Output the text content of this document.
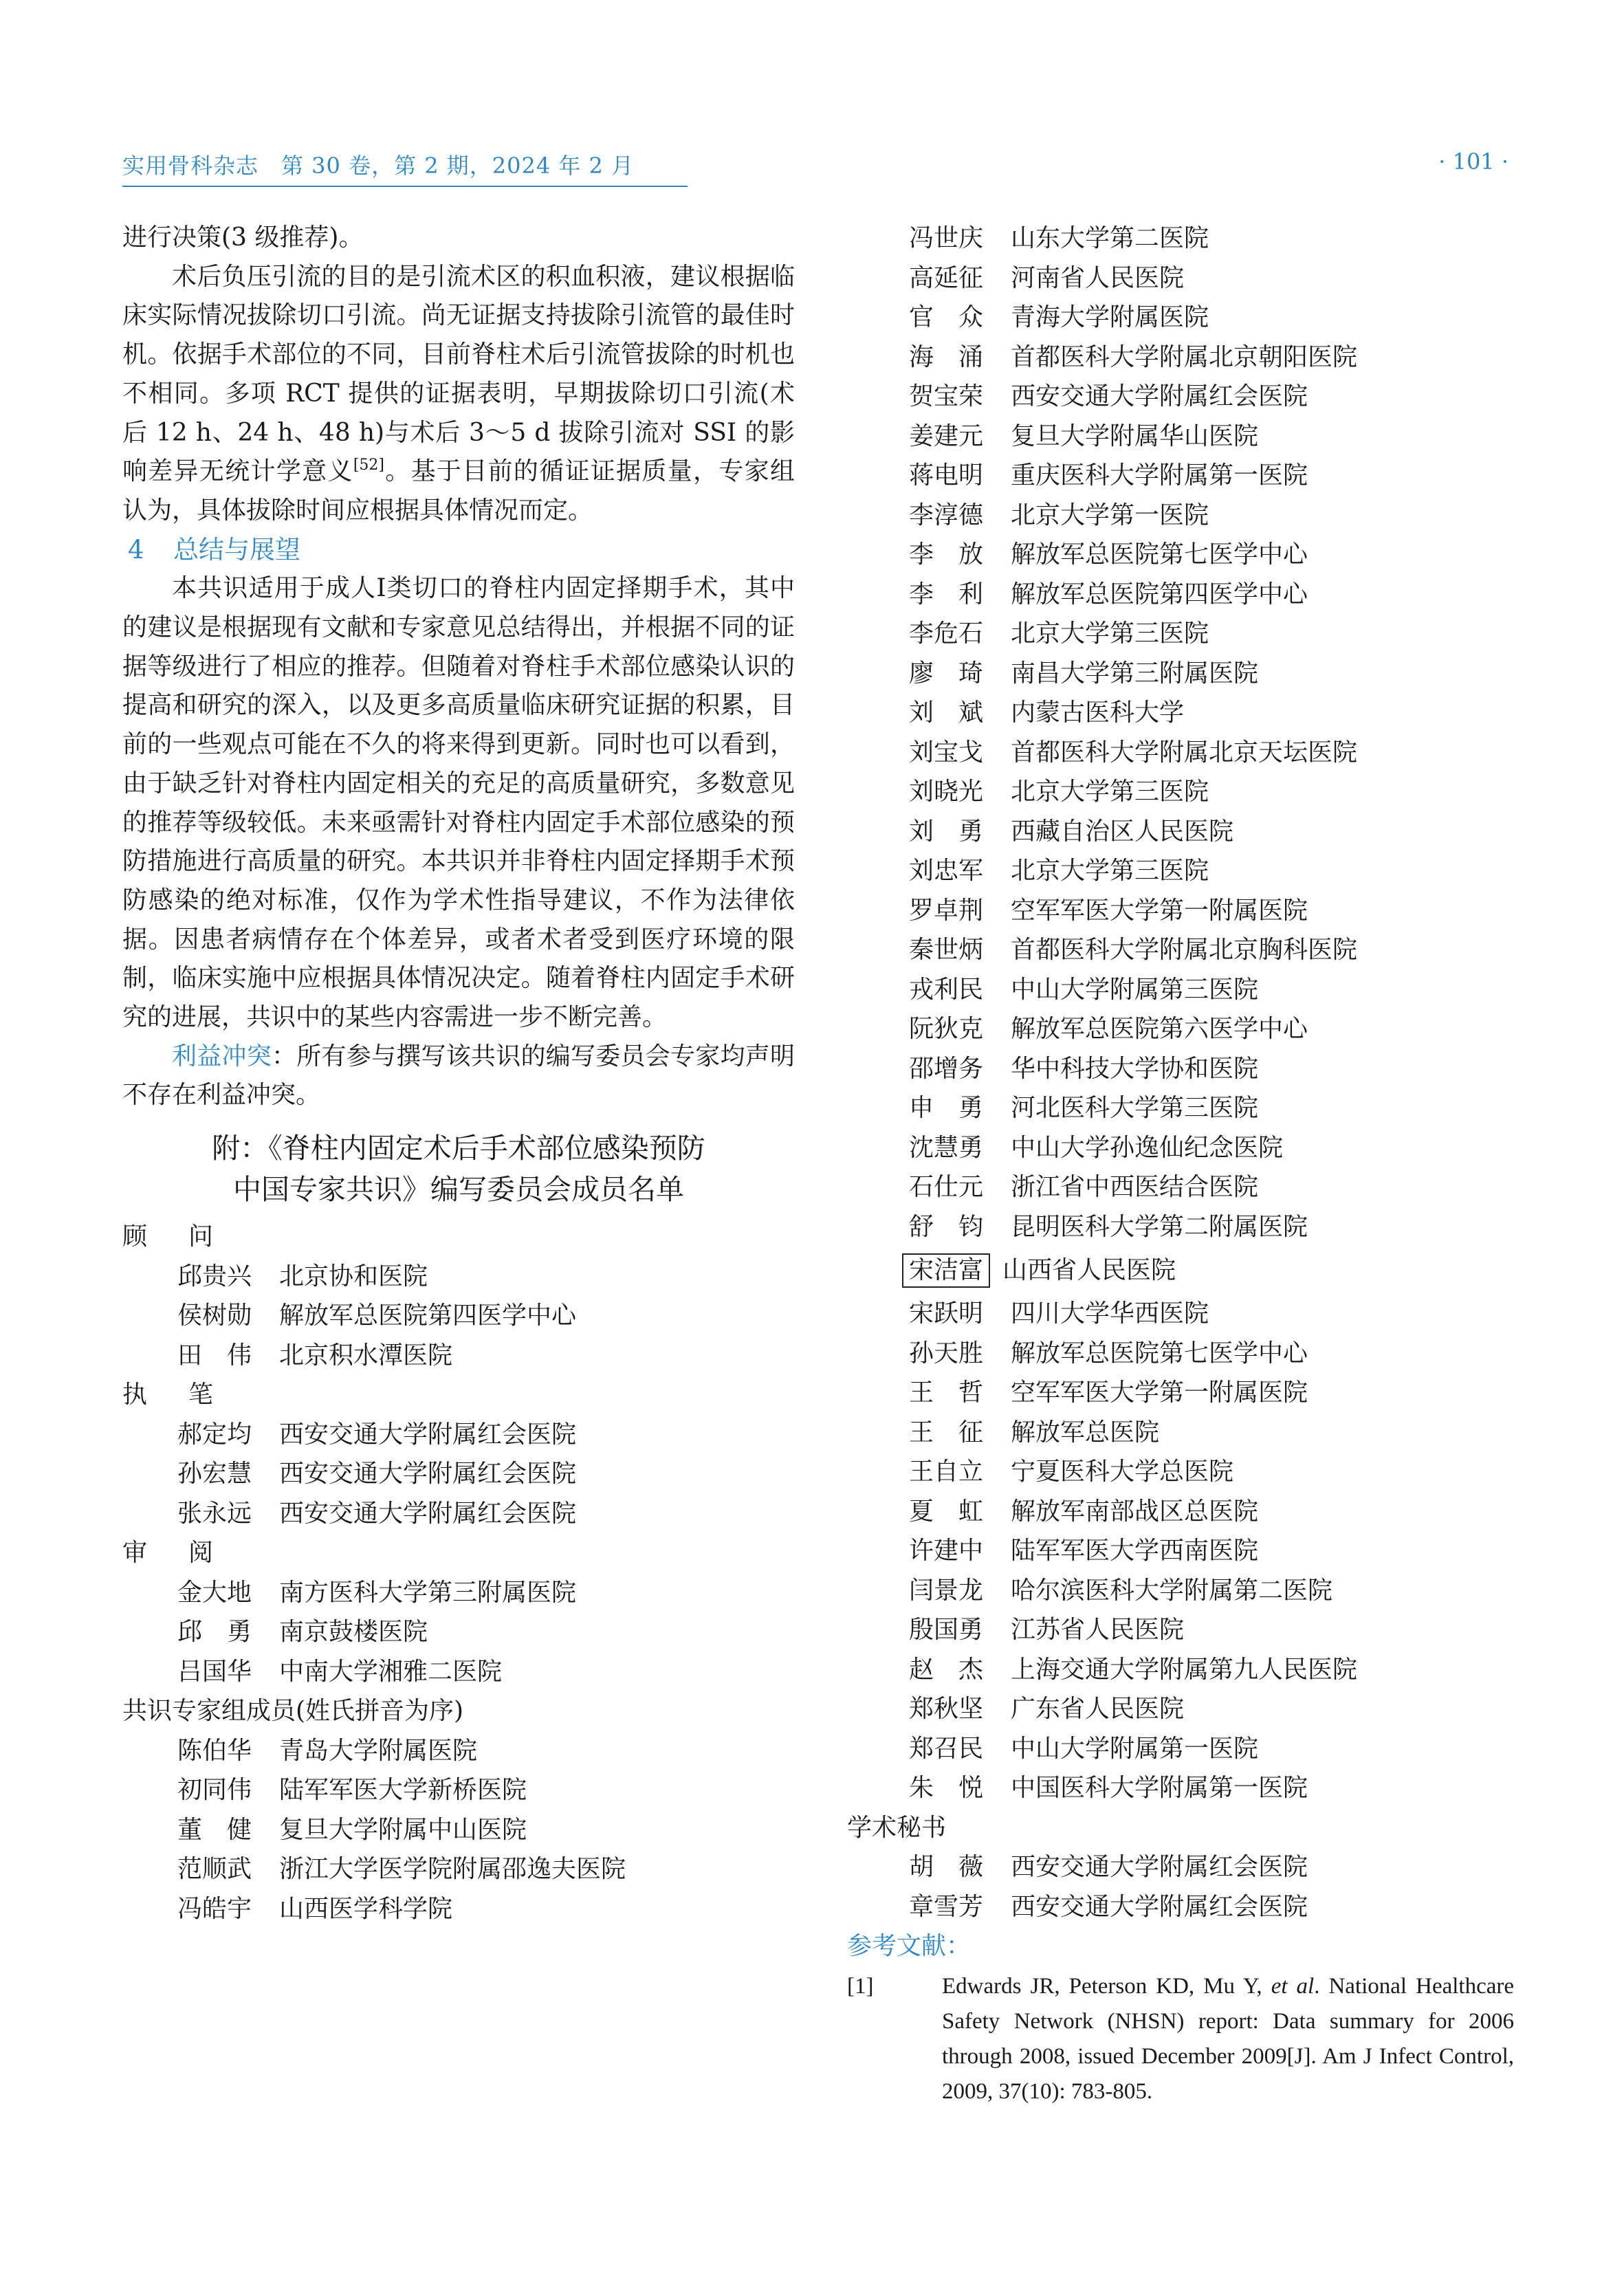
实用骨科杂志　第 30 卷，第 2 期，2024 年 2 月	· 101 ·

进行决策(3 级推荐)。

术后负压引流的目的是引流术区的积血积液，建议根据临床实际情况拔除切口引流。尚无证据支持拔除引流管的最佳时机。依据手术部位的不同，目前脊柱术后引流管拔除的时机也不相同。多项 RCT 提供的证据表明，早期拔除切口引流(术后 12 h、24 h、48 h)与术后 3～5 d 拔除引流对 SSI 的影响差异无统计学意义[52]。基于目前的循证证据质量，专家组认为，具体拔除时间应根据具体情况而定。

4 总结与展望

本共识适用于成人Ⅰ类切口的脊柱内固定择期手术，其中的建议是根据现有文献和专家意见总结得出，并根据不同的证据等级进行了相应的推荐。但随着对脊柱手术部位感染认识的提高和研究的深入，以及更多高质量临床研究证据的积累，目前的一些观点可能在不久的将来得到更新。同时也可以看到，由于缺乏针对脊柱内固定相关的充足的高质量研究，多数意见的推荐等级较低。未来亟需针对脊柱内固定手术部位感染的预防措施进行高质量的研究。本共识并非脊柱内固定择期手术预防感染的绝对标准，仅作为学术性指导建议，不作为法律依据。因患者病情存在个体差异，或者术者受到医疗环境的限制，临床实施中应根据具体情况决定。随着脊柱内固定手术研究的进展，共识中的某些内容需进一步不断完善。

利益冲突：所有参与撰写该共识的编写委员会专家均声明不存在利益冲突。

附：《脊柱内固定术后手术部位感染预防
中国专家共识》编写委员会成员名单
顾问
邱贵兴 北京协和医院
侯树勋 解放军总医院第四医学中心
田伟 北京积水潭医院
执笔
郝定均 西安交通大学附属红会医院
孙宏慧 西安交通大学附属红会医院
张永远 西安交通大学附属红会医院
审阅
金大地 南方医科大学第三附属医院
邱勇 南京鼓楼医院
吕国华 中南大学湘雅二医院
共识专家组成员(姓氏拼音为序)
陈伯华 青岛大学附属医院
初同伟 陆军军医大学新桥医院
董健 复旦大学附属中山医院
范顺武 浙江大学医学院附属邵逸夫医院
冯皓宇 山西医学科学院
冯世庆 山东大学第二医院
高延征 河南省人民医院
官众 青海大学附属医院
海涌 首都医科大学附属北京朝阳医院
贺宝荣 西安交通大学附属红会医院
姜建元 复旦大学附属华山医院
蒋电明 重庆医科大学附属第一医院
李淳德 北京大学第一医院
李放 解放军总医院第七医学中心
李利 解放军总医院第四医学中心
李危石 北京大学第三医院
廖琦 南昌大学第三附属医院
刘斌 内蒙古医科大学
刘宝戈 首都医科大学附属北京天坛医院
刘晓光 北京大学第三医院
刘勇 西藏自治区人民医院
刘忠军 北京大学第三医院
罗卓荆 空军军医大学第一附属医院
秦世炳 首都医科大学附属北京胸科医院
戎利民 中山大学附属第三医院
阮狄克 解放军总医院第六医学中心
邵增务 华中科技大学协和医院
申勇 河北医科大学第三医院
沈慧勇 中山大学孙逸仙纪念医院
石仕元 浙江省中西医结合医院
舒钧 昆明医科大学第二附属医院
宋洁富 山西省人民医院
宋跃明 四川大学华西医院
孙天胜 解放军总医院第七医学中心
王哲 空军军医大学第一附属医院
王征 解放军总医院
王自立 宁夏医科大学总医院
夏虹 解放军南部战区总医院
许建中 陆军军医大学西南医院
闫景龙 哈尔滨医科大学附属第二医院
殷国勇 江苏省人民医院
赵杰 上海交通大学附属第九人民医院
郑秋坚 广东省人民医院
郑召民 中山大学附属第一医院
朱悦 中国医科大学附属第一医院
学术秘书
胡薇 西安交通大学附属红会医院
章雪芳 西安交通大学附属红会医院
参考文献：
[1]	Edwards JR, Peterson KD, Mu Y, et al. National Healthcare Safety Network (NHSN) report: Data summary for 2006 through 2008, issued December 2009[J]. Am J Infect Control, 2009, 37(10): 783-805.
